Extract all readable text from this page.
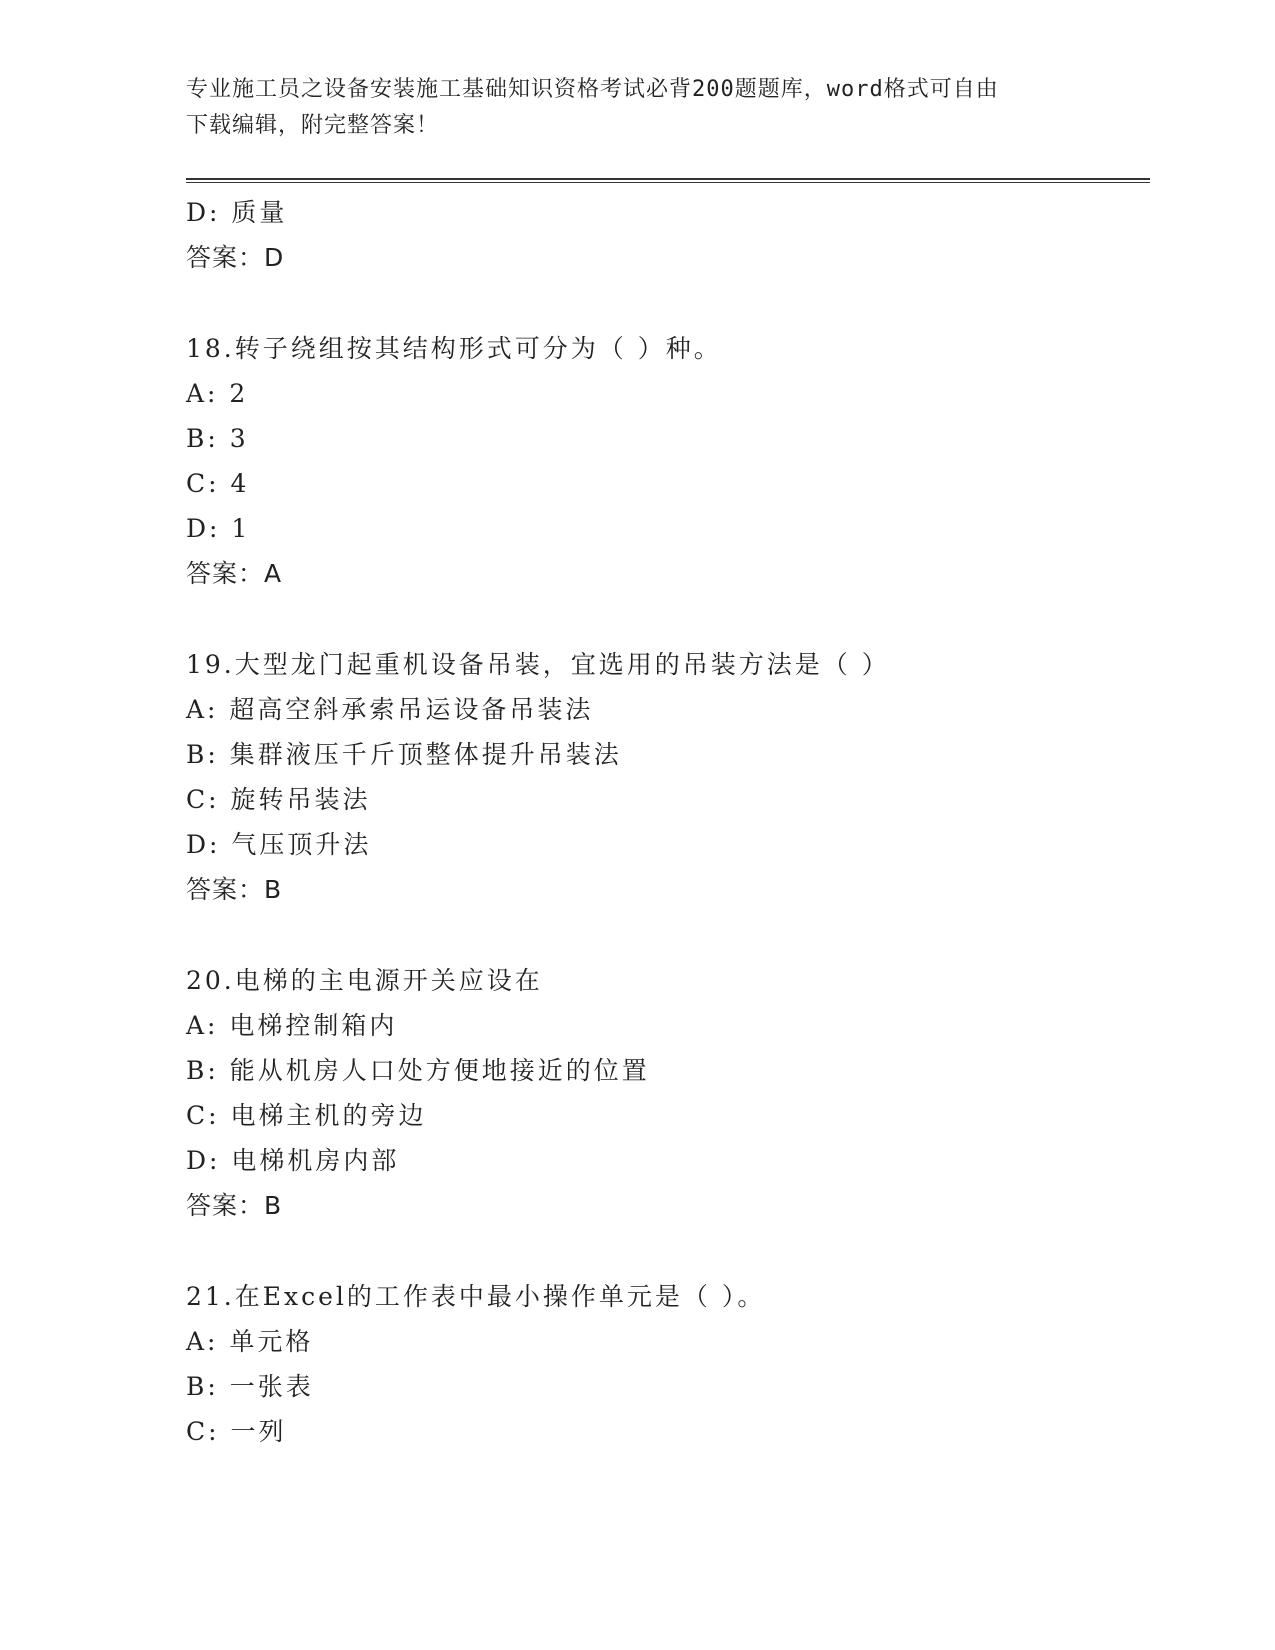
专业施工员之设备安装施工基础知识资格考试必背200题题库，word格式可自由
下载编辑，附完整答案！
D: 质量
答案：D
18.转子绕组按其结构形式可分为（ ）种。
A: 2
B: 3
C: 4
D: 1
答案：A
19.大型龙门起重机设备吊装，宜选用的吊装方法是（ ）
A: 超高空斜承索吊运设备吊装法
B: 集群液压千斤顶整体提升吊装法
C: 旋转吊装法
D: 气压顶升法
答案：B
20.电梯的主电源开关应设在
A: 电梯控制箱内
B: 能从机房人口处方便地接近的位置
C: 电梯主机的旁边
D: 电梯机房内部
答案：B
21.在Excel的工作表中最小操作单元是（ ）。
A: 单元格
B: 一张表
C: 一列
